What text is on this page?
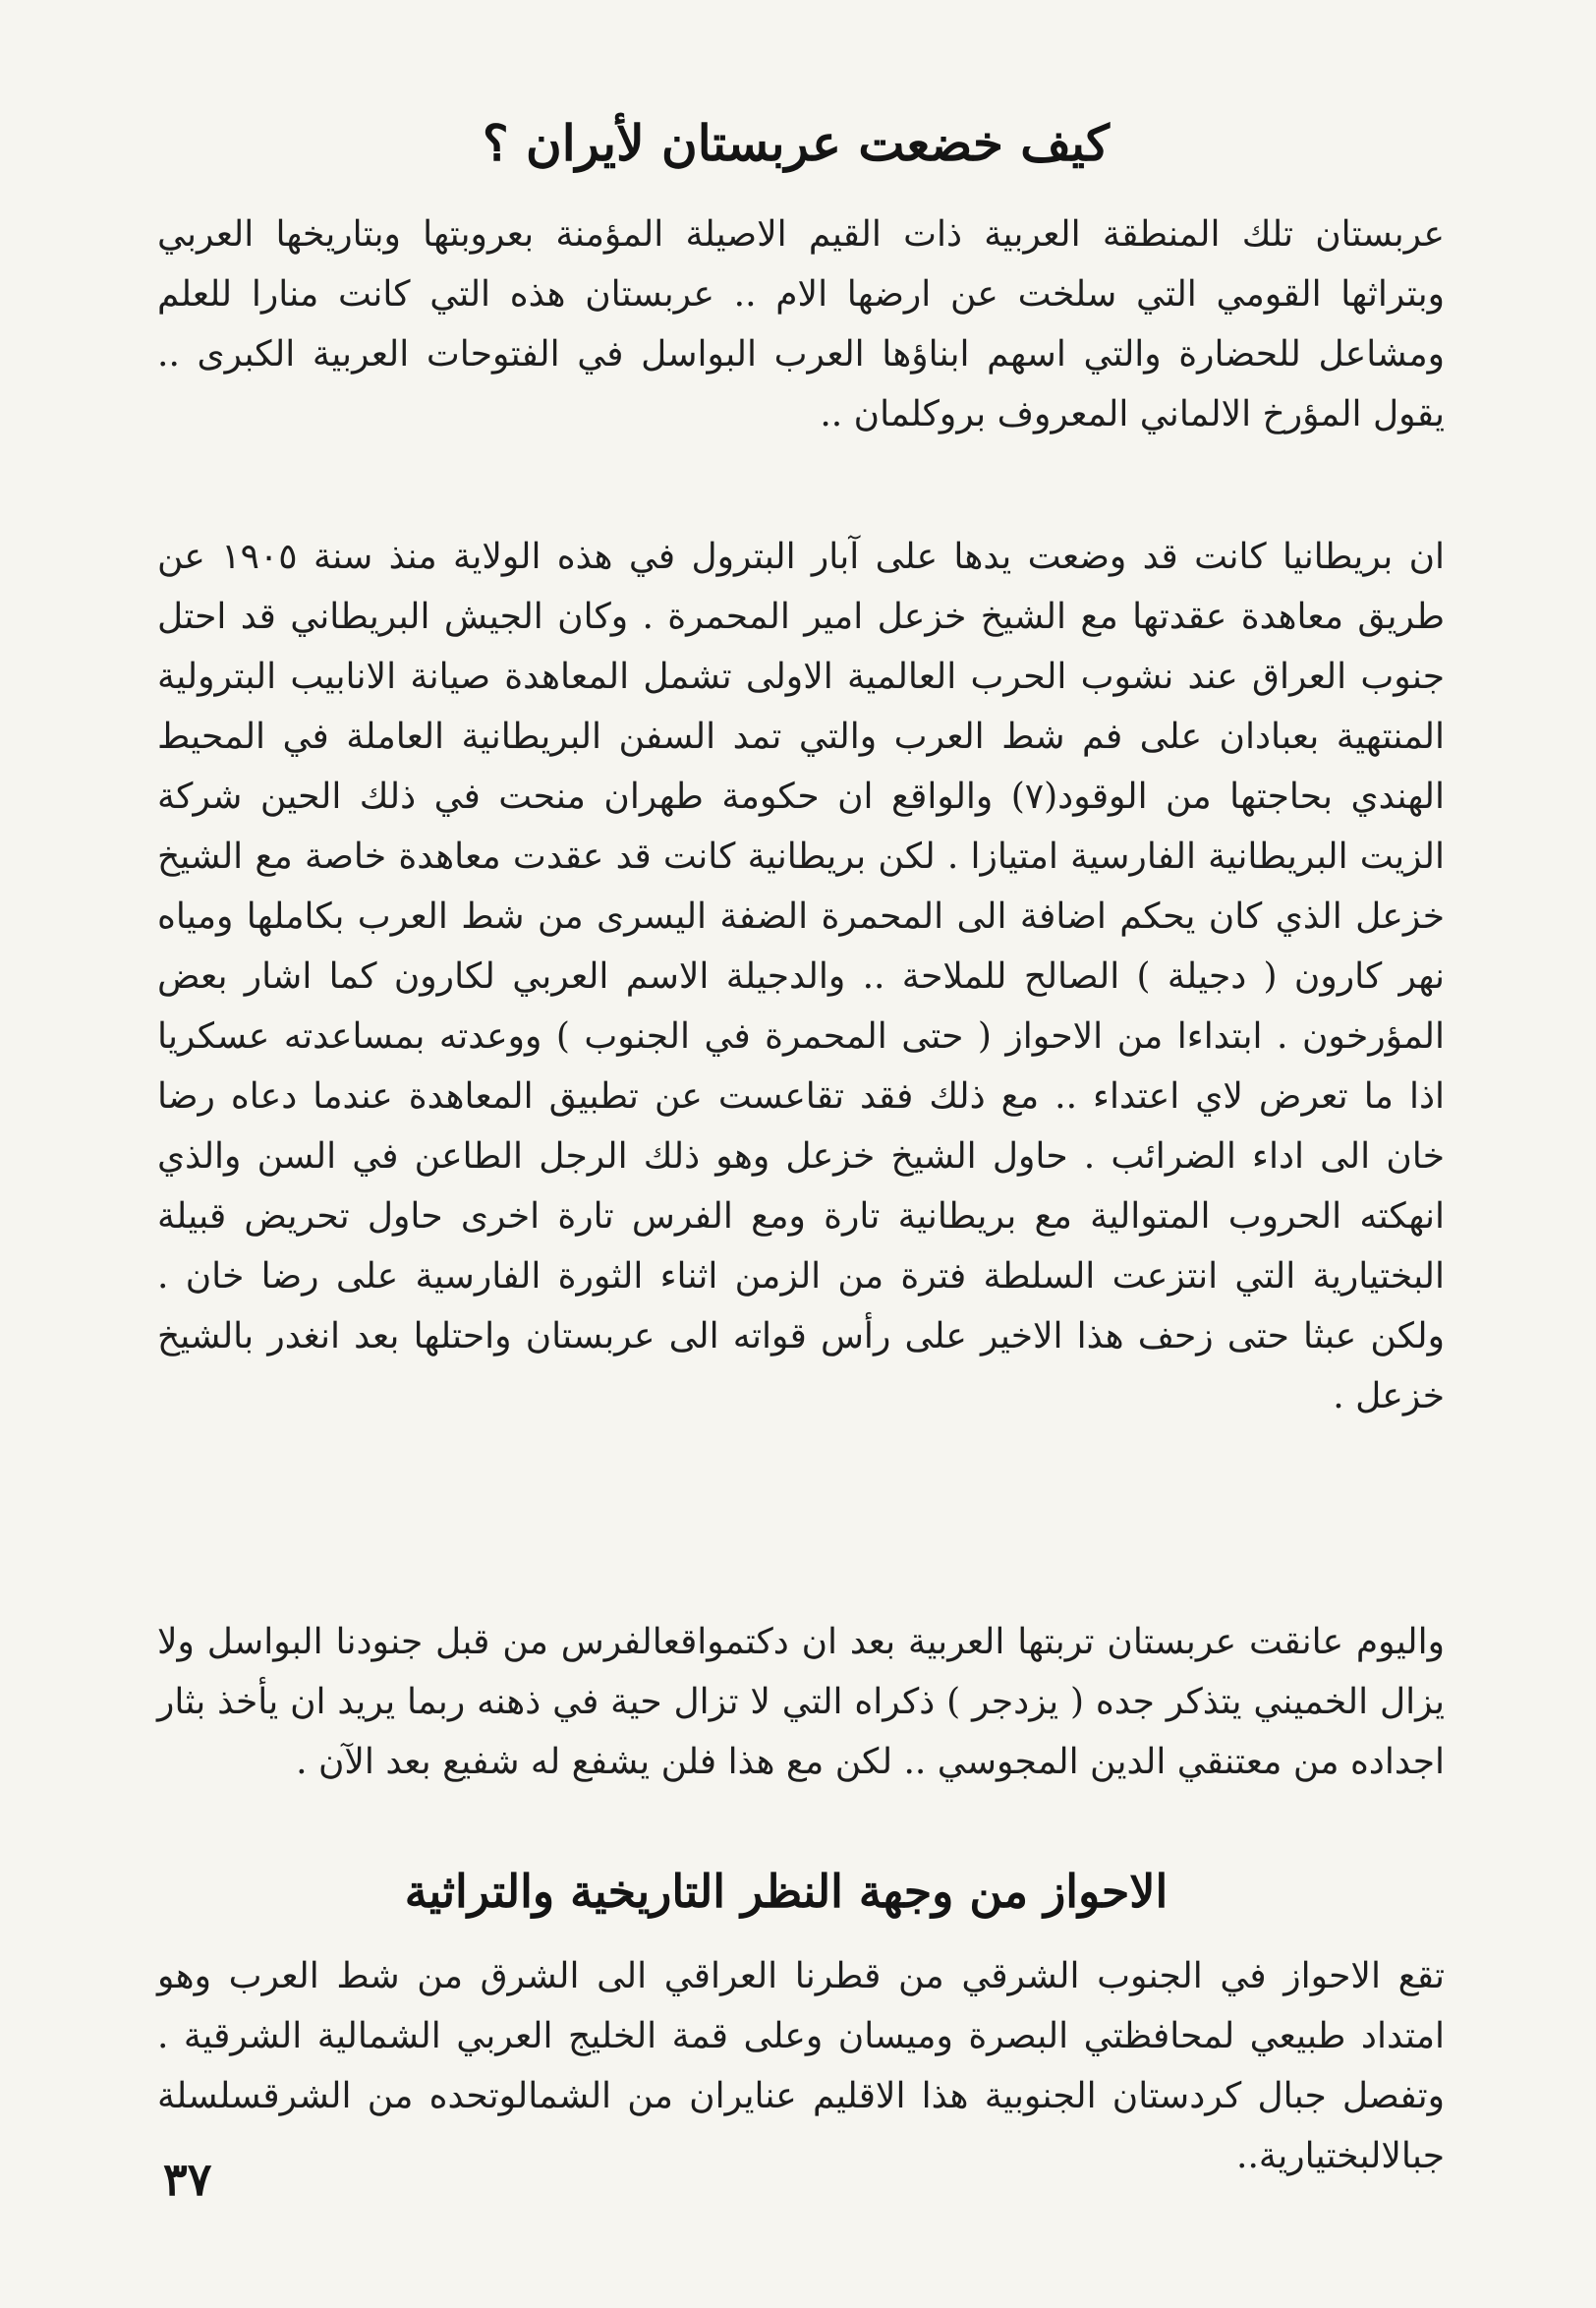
كيف خضعت عربستان لأيران ؟

عربستان تلك المنطقة العربية ذات القيم الاصيلة المؤمنة بعروبتها وبتاريخها العربي وبتراثها القومي التي سلخت عن ارضها الام .. عربستان هذه التي كانت منارا للعلم ومشاعل للحضارة والتي اسهم ابناؤها العرب البواسل في الفتوحات العربية الكبرى .. يقول المؤرخ الالماني المعروف بروكلمان ..

ان بريطانيا كانت قد وضعت يدها على آبار البترول في هذه الولاية منذ سنة ١٩٠٥ عن طريق معاهدة عقدتها مع الشيخ خزعل امير المحمرة . وكان الجيش البريطاني قد احتل جنوب العراق عند نشوب الحرب العالمية الاولى تشمل المعاهدة صيانة الانابيب البترولية المنتهية بعبادان على فم شط العرب والتي تمد السفن البريطانية العاملة في المحيط الهندي بحاجتها من الوقود(٧) والواقع ان حكومة طهران منحت في ذلك الحين شركة الزيت البريطانية الفارسية امتيازا . لكن بريطانية كانت قد عقدت معاهدة خاصة مع الشيخ خزعل الذي كان يحكم اضافة الى المحمرة الضفة اليسرى من شط العرب بكاملها ومياه نهر كارون ( دجيلة ) الصالح للملاحة .. والدجيلة الاسم العربي لكارون كما اشار بعض المؤرخون . ابتداءا من الاحواز ( حتى المحمرة في الجنوب ) ووعدته بمساعدته عسكريا اذا ما تعرض لاي اعتداء .. مع ذلك فقد تقاعست عن تطبيق المعاهدة عندما دعاه رضا خان الى اداء الضرائب . حاول الشيخ خزعل وهو ذلك الرجل الطاعن في السن والذي انهكته الحروب المتوالية مع بريطانية تارة ومع الفرس تارة اخرى حاول تحريض قبيلة البختيارية التي انتزعت السلطة فترة من الزمن اثناء الثورة الفارسية على رضا خان . ولكن عبثا حتى زحف هذا الاخير على رأس قواته الى عربستان واحتلها بعد انغدر بالشيخ خزعل .

واليوم عانقت عربستان تربتها العربية بعد ان دكتمواقعالفرس من قبل جنودنا البواسل ولا يزال الخميني يتذكر جده ( يزدجر ) ذكراه التي لا تزال حية في ذهنه ربما يريد ان يأخذ بثار اجداده من معتنقي الدين المجوسي .. لكن مع هذا فلن يشفع له شفيع بعد الآن .

الاحواز من وجهة النظر التاريخية والتراثية

تقع الاحواز في الجنوب الشرقي من قطرنا العراقي الى الشرق من شط العرب وهو امتداد طبيعي لمحافظتي البصرة وميسان وعلى قمة الخليج العربي الشمالية الشرقية . وتفصل جبال كردستان الجنوبية هذا الاقليم عنايران من الشمالوتحده من الشرقسلسلة جبالالبختيارية..

٣٧
